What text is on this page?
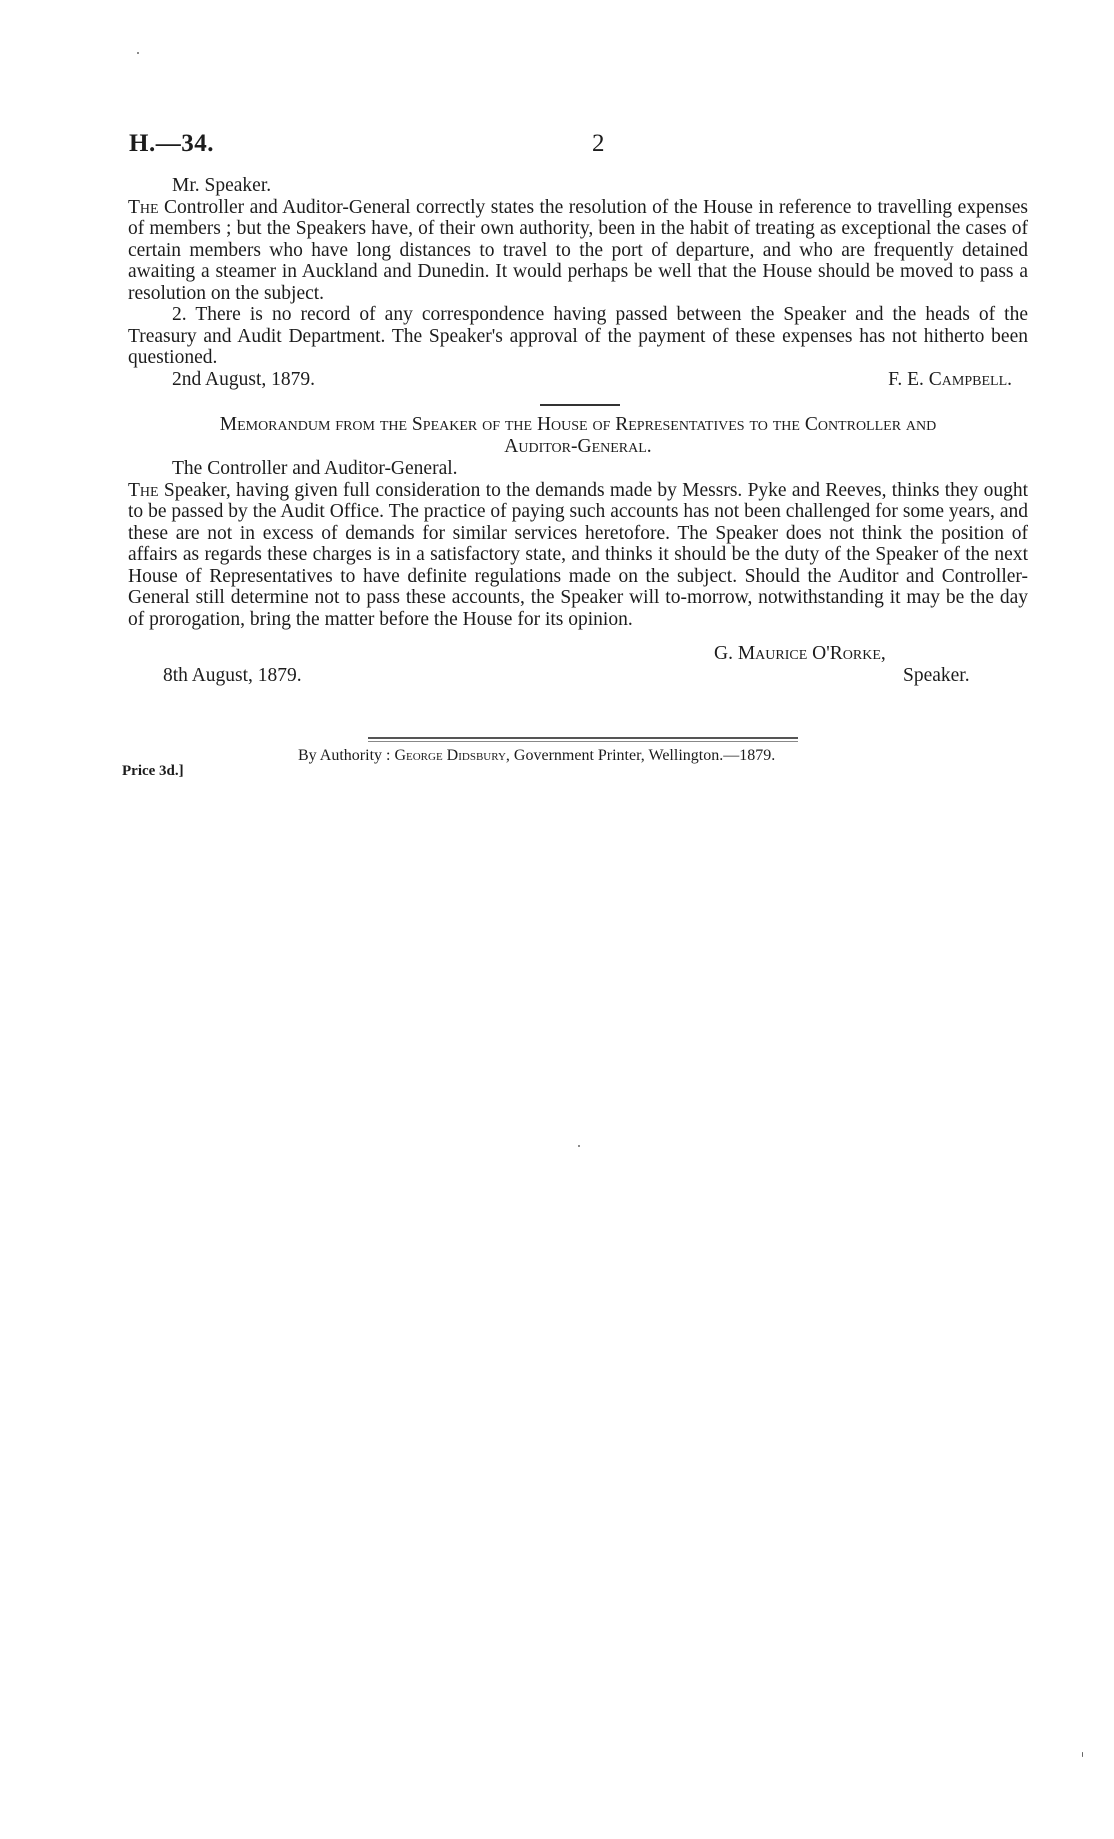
H.—34.	2

Mr. Speaker.

The Controller and Auditor-General correctly states the resolution of the House in reference to travelling expenses of members ; but the Speakers have, of their own authority, been in the habit of treating as exceptional the cases of certain members who have long distances to travel to the port of departure, and who are frequently detained awaiting a steamer in Auckland and Dunedin. It would perhaps be well that the House should be moved to pass a resolution on the subject.

2. There is no record of any correspondence having passed between the Speaker and the heads of the Treasury and Audit Department. The Speaker's approval of the payment of these expenses has not hitherto been questioned.

2nd August, 1879.	F. E. Campbell.
Memorandum from the Speaker of the House of Representatives to the Controller and
Auditor-General.

The Controller and Auditor-General.

The Speaker, having given full consideration to the demands made by Messrs. Pyke and Reeves, thinks they ought to be passed by the Audit Office. The practice of paying such accounts has not been challenged for some years, and these are not in excess of demands for similar services heretofore. The Speaker does not think the position of affairs as regards these charges is in a satisfactory state, and thinks it should be the duty of the Speaker of the next House of Representatives to have definite regulations made on the subject. Should the Auditor and Controller-General still determine not to pass these accounts, the Speaker will to-morrow, notwithstanding it may be the day of prorogation, bring the matter before the House for its opinion.

G. Maurice O'Rorke,
8th August, 1879.	Speaker.
By Authority : George Didsbury, Government Printer, Wellington.—1879.
Price 3d.]
